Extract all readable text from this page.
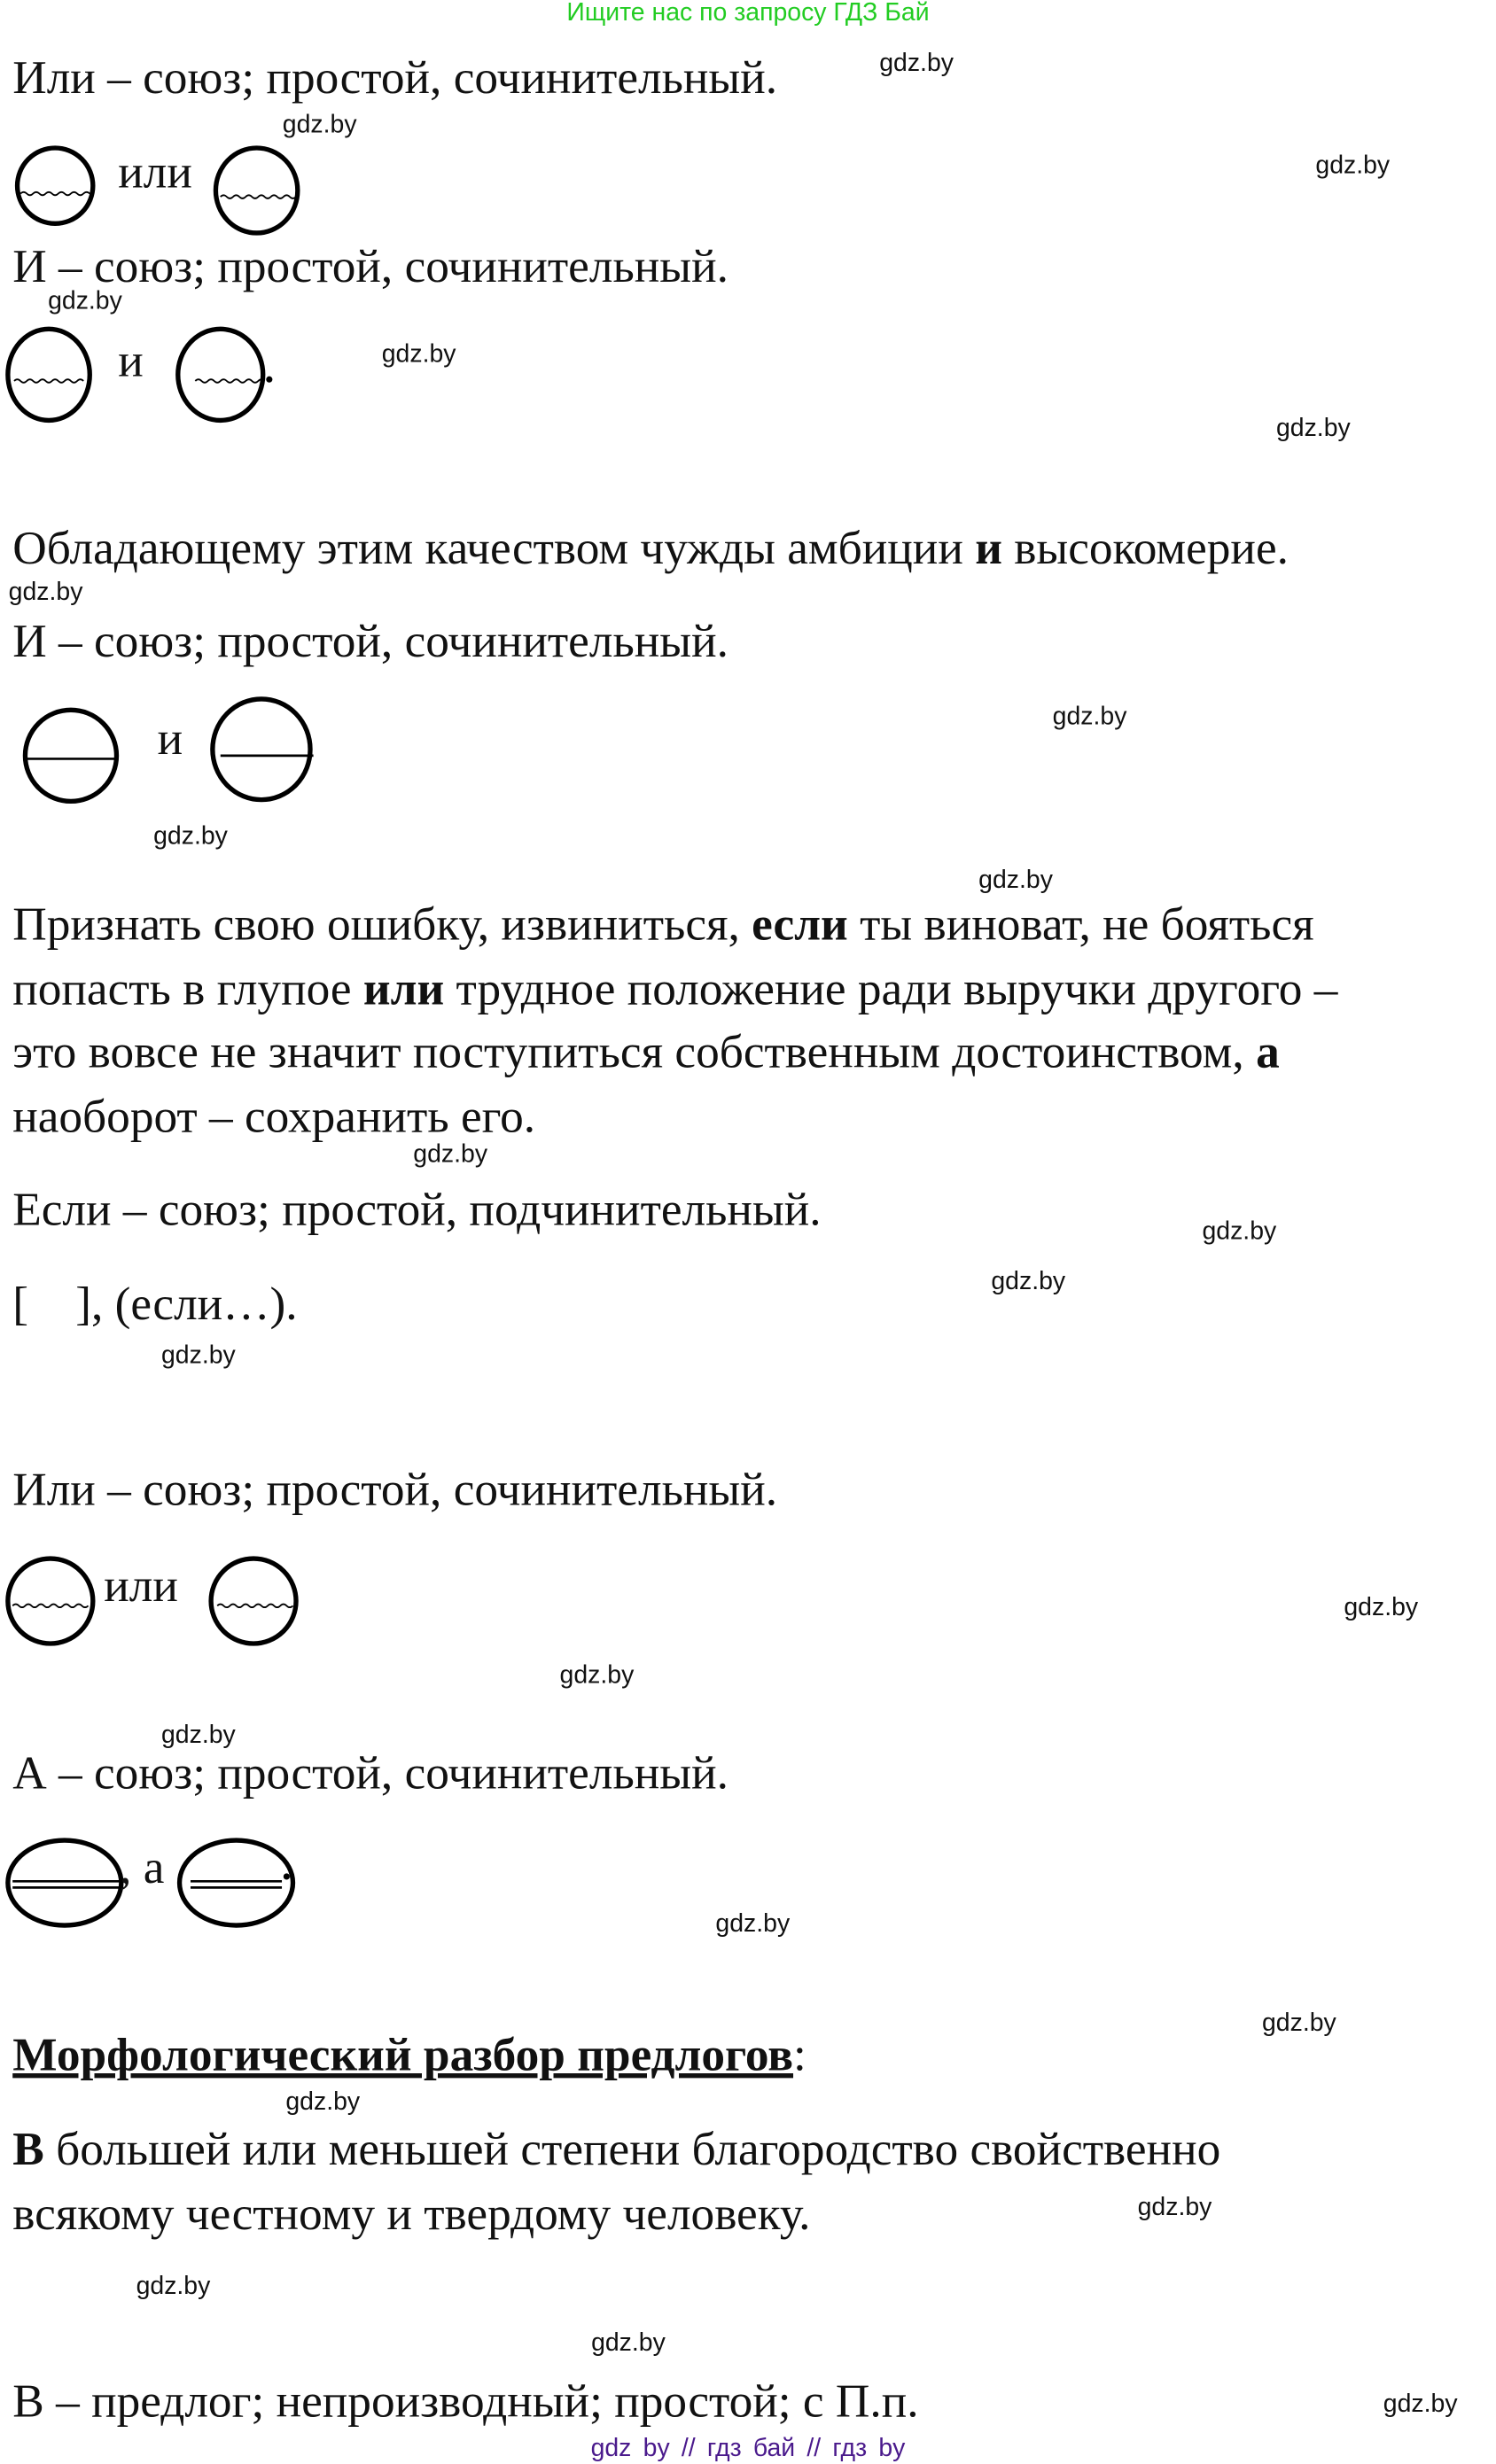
Ищите нас по запросу ГДЗ Бай
Или – союз; простой, сочинительный.
или
И – союз; простой, сочинительный.
и
Обладающему этим качеством чужды амбиции и высокомерие.
И – союз; простой, сочинительный.
и
Признать свою ошибку, извиниться, если ты виноват, не бояться
попасть в глупое или трудное положение ради выручки другого –
это вовсе не значит поступиться собственным достоинством, а
наоборот – сохранить его.
Если – союз; простой, подчинительный.
[    ], (если…).
Или – союз; простой, сочинительный.
или
А – союз; простой, сочинительный.
, а
Морфологический разбор предлогов:
В большей или меньшей степени благородство свойственно
всякому честному и твердому человеку.
В – предлог; непроизводный; простой; с П.п.
gdz.by
gdz.by
gdz.by
gdz.by
gdz.by
gdz.by
gdz.by
gdz.by
gdz.by
gdz.by
gdz.by
gdz.by
gdz.by
gdz.by
gdz.by
gdz.by
gdz.by
gdz.by
gdz.by
gdz.by
gdz.by
gdz.by
gdz.by
gdz.by
gdz by // гдз бай // гдз by
